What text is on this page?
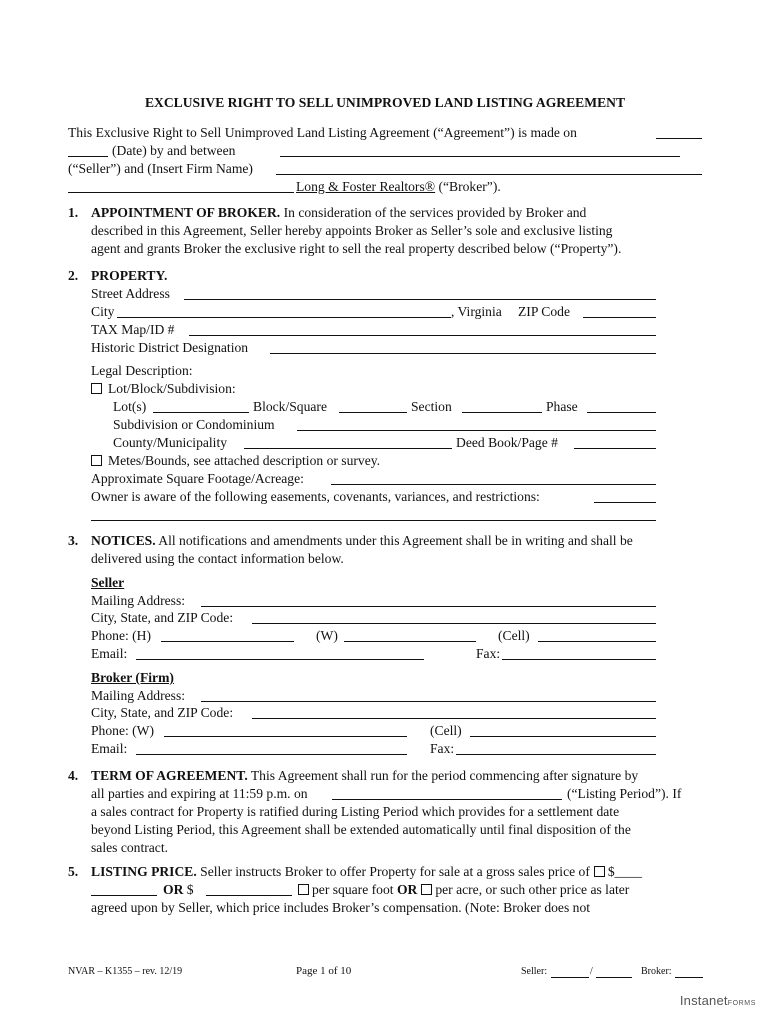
EXCLUSIVE RIGHT TO SELL UNIMPROVED LAND LISTING AGREEMENT
This Exclusive Right to Sell Unimproved Land Listing Agreement (“Agreement”) is made on
(Date) by and between
(“Seller”) and (Insert Firm Name)
Long & Foster Realtors® (“Broker”).
1. APPOINTMENT OF BROKER. In consideration of the services provided by Broker and
described in this Agreement, Seller hereby appoints Broker as Seller’s sole and exclusive listing
agent and grants Broker the exclusive right to sell the real property described below (“Property”).
2. PROPERTY.
Street Address
City	, Virginia ZIP Code
TAX Map/ID #
Historic District Designation
Legal Description:
Lot/Block/Subdivision:
Lot(s)	Block/Square	Section	Phase
Subdivision or Condominium
County/Municipality	Deed Book/Page #
Metes/Bounds, see attached description or survey.
Approximate Square Footage/Acreage:
Owner is aware of the following easements, covenants, variances, and restrictions:
3. NOTICES. All notifications and amendments under this Agreement shall be in writing and shall be
delivered using the contact information below.
Seller
Mailing Address:
City, State, and ZIP Code:
Phone: (H)	(W)	(Cell)
Email:	Fax:
Broker (Firm)
Mailing Address:
City, State, and ZIP Code:
Phone: (W)	(Cell)
Email:	Fax:
4. TERM OF AGREEMENT. This Agreement shall run for the period commencing after signature by
all parties and expiring at 11:59 p.m. on	(“Listing Period”). If
a sales contract for Property is ratified during Listing Period which provides for a settlement date
beyond Listing Period, this Agreement shall be extended automatically until final disposition of the
sales contract.
5. LISTING PRICE. Seller instructs Broker to offer Property for sale at a gross sales price of $____
OR $	per square foot OR per acre, or such other price as later
agreed upon by Seller, which price includes Broker’s compensation. (Note: Broker does not
NVAR – K1355 – rev. 12/19	Page 1 of 10	Seller:	/	Broker:
InstanetFORMS
